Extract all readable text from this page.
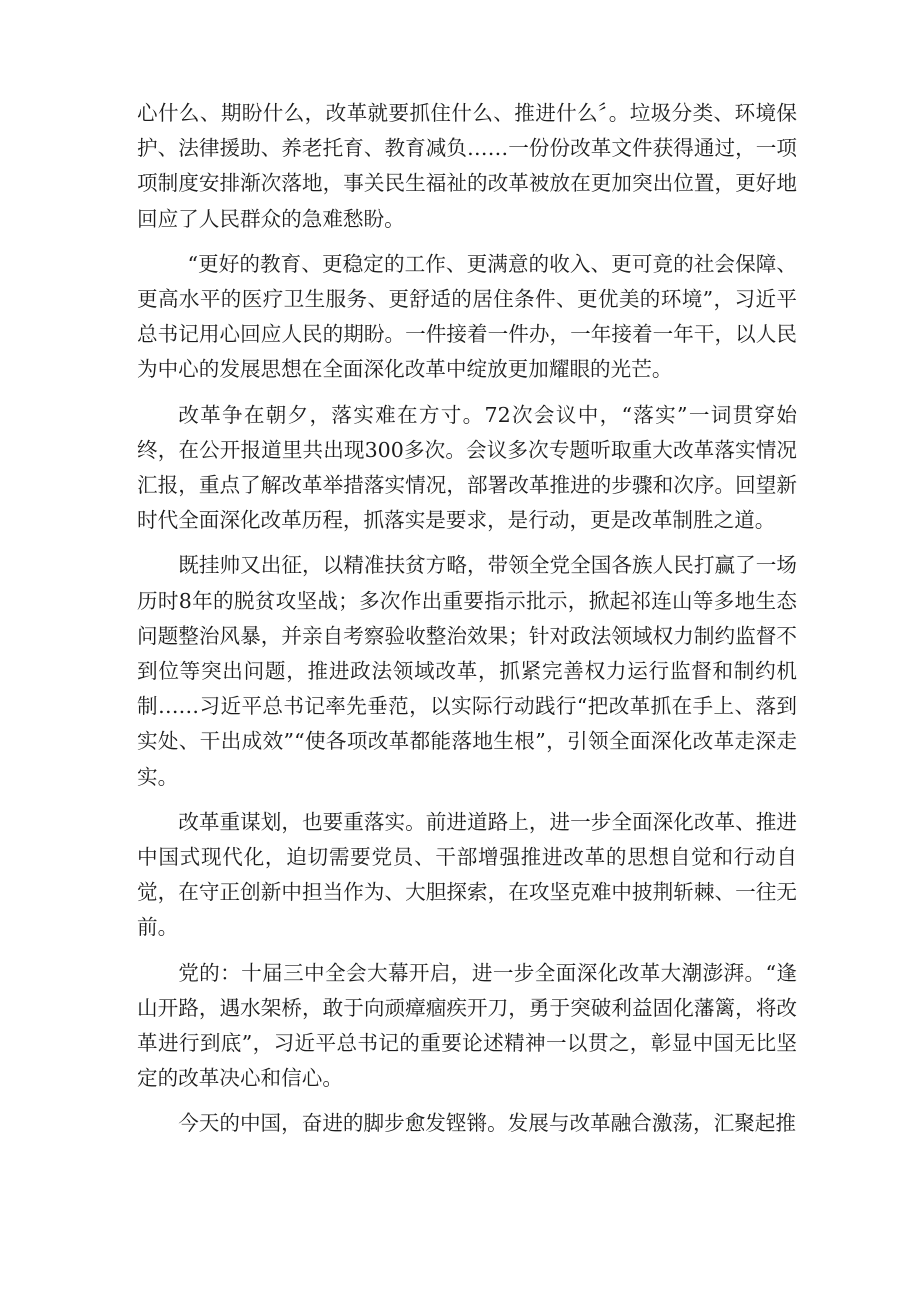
心什么、期盼什么，改革就要抓住什么、推进什么〞。垃圾分类、环境保护、法律援助、养老托育、教育减负……一份份改革文件获得通过，一项项制度安排渐次落地，事关民生福祉的改革被放在更加突出位置，更好地回应了人民群众的急难愁盼。

“更好的教育、更稳定的工作、更满意的收入、更可竟的社会保障、更高水平的医疗卫生服务、更舒适的居住条件、更优美的环境”，习近平总书记用心回应人民的期盼。一件接着一件办，一年接着一年干，以人民为中心的发展思想在全面深化改革中绽放更加耀眼的光芒。

改革争在朝夕，落实难在方寸。72次会议中，“落实”一词贯穿始终，在公开报道里共出现300多次。会议多次专题听取重大改革落实情况汇报，重点了解改革举措落实情况，部署改革推进的步骤和次序。回望新时代全面深化改革历程，抓落实是要求，是行动，更是改革制胜之道。

既挂帅又出征，以精准扶贫方略，带领全党全国各族人民打赢了一场历时8年的脱贫攻坚战；多次作出重要指示批示，掀起祁连山等多地生态问题整治风暴，并亲自考察验收整治效果；针对政法领域权力制约监督不到位等突出问题，推进政法领域改革，抓紧完善权力运行监督和制约机制……习近平总书记率先垂范，以实际行动践行“把改革抓在手上、落到实处、干出成效”“使各项改革都能落地生根”，引领全面深化改革走深走实。

改革重谋划，也要重落实。前进道路上，进一步全面深化改革、推进中国式现代化，迫切需要党员、干部增强推进改革的思想自觉和行动自觉，在守正创新中担当作为、大胆探索，在攻坚克难中披荆斩棘、一往无前。

党的：十届三中全会大幕开启，进一步全面深化改革大潮澎湃。“逢山开路，遇水架桥，敢于向顽瘴痼疾开刀，勇于突破利益固化藩篱，将改革进行到底”，习近平总书记的重要论述精神一以贯之，彰显中国无比坚定的改革决心和信心。

今天的中国，奋进的脚步愈发铿锵。发展与改革融合激荡，汇聚起推
